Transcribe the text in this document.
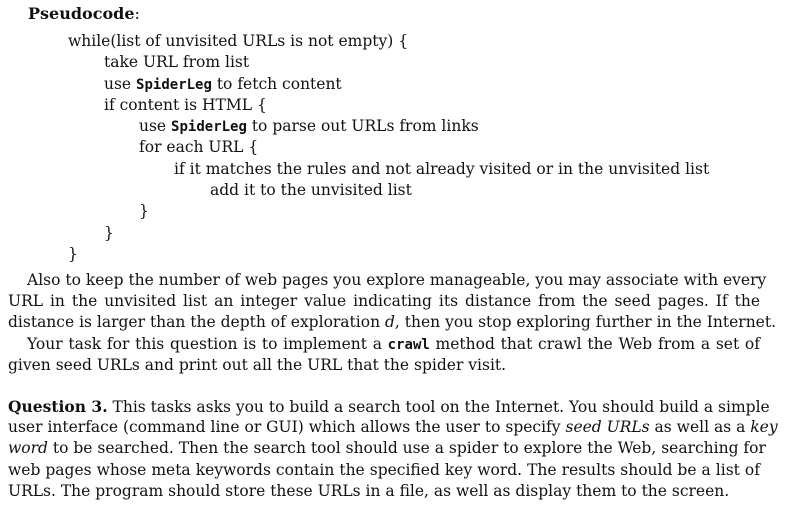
Pseudocode:
while(list of unvisited URLs is not empty) {
take URL from list
use SpiderLeg to fetch content
if content is HTML {
use SpiderLeg to parse out URLs from links
for each URL {
if it matches the rules and not already visited or in the unvisited list
add it to the unvisited list
}
}
}
Also to keep the number of web pages you explore manageable, you may associate with every
URL in the unvisited list an integer value indicating its distance from the seed pages. If the
distance is larger than the depth of exploration d, then you stop exploring further in the Internet.
Your task for this question is to implement a crawl method that crawl the Web from a set of
given seed URLs and print out all the URL that the spider visit.
Question 3. This tasks asks you to build a search tool on the Internet. You should build a simple
user interface (command line or GUI) which allows the user to specify seed URLs as well as a key
word to be searched. Then the search tool should use a spider to explore the Web, searching for
web pages whose meta keywords contain the specified key word. The results should be a list of
URLs. The program should store these URLs in a file, as well as display them to the screen.
